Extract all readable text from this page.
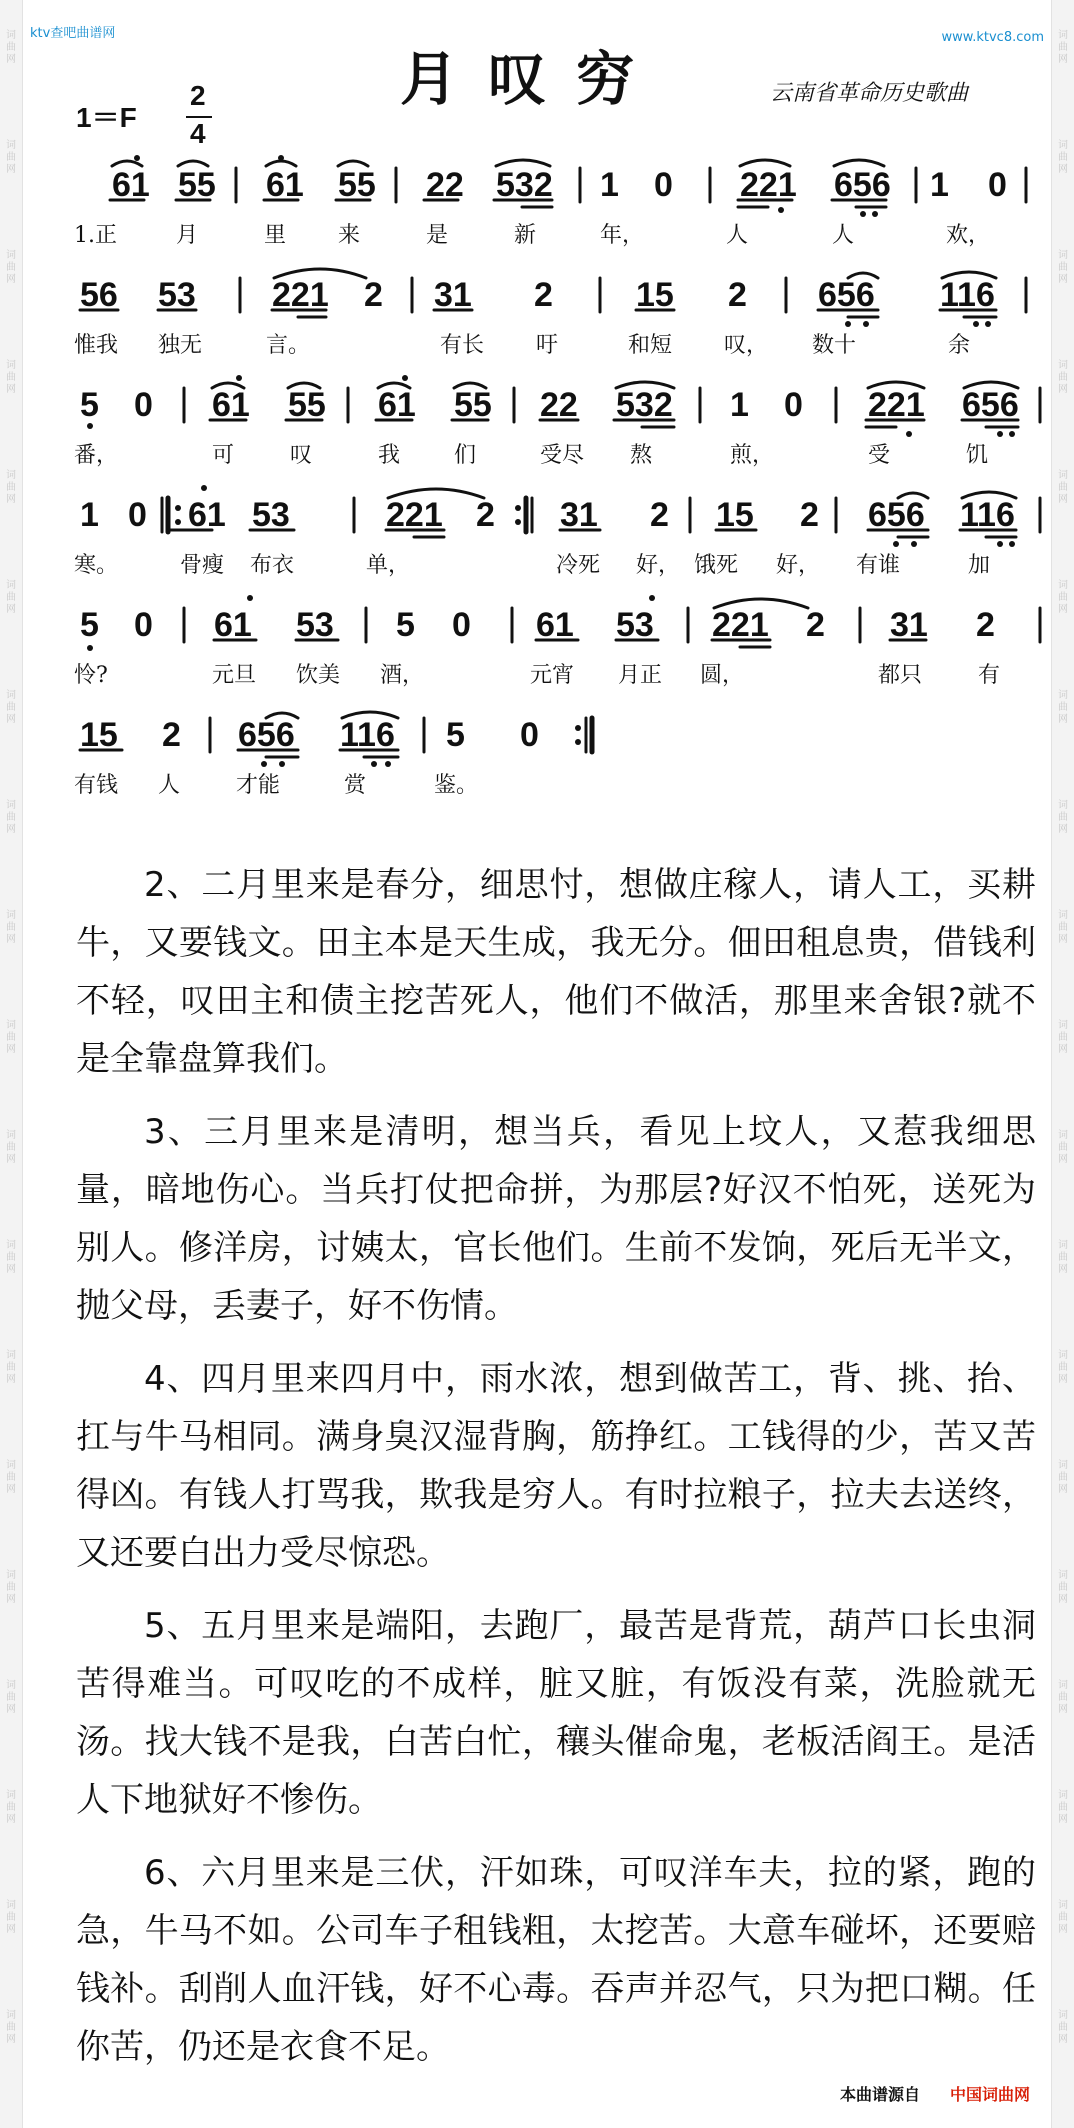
词
曲
网
词
曲
网
词
曲
网
词
曲
网
词
曲
网
词
曲
网
词
曲
网
词
曲
网
词
曲
网
词
曲
网
词
曲
网
词
曲
网
词
曲
网
词
曲
网
词
曲
网
词
曲
网
词
曲
网
词
曲
网
词
曲
网
词
曲
网
词
曲
网
词
曲
网
词
曲
网
词
曲
网
词
曲
网
词
曲
网
词
曲
网
词
曲
网
词
曲
网
词
曲
网
词
曲
网
词
曲
网
词
曲
网
词
曲
网
词
曲
网
词
曲
网
词
曲
网
词
曲
网
ktv查吧曲谱网	www.ktvc8.com
月叹穷	云南省革命历史歌曲
1＝F
2
4
61 55 61 55 22 532 1 0 221 656 1 0
56 53 221 2 31 2 15 2 656 116
5 0 61 55 61 55 22 532 1 0 221 656
1 0 61 53	221 2 31 2 15 2 656 116
5 0 61 53 5 0 61 53 221 2 31 2
15 2 656 116 5 0
1.正	月	里 来	是	新	年，	人	人	欢，
惟我 独无	言。	有长 吁	和短 叹， 数十	余
番，	可	叹	我 们	受尽 熬	煎，	受	饥
寒。	骨瘦 布衣	单，	冷死 好， 饿死 好， 有谁	加
怜?	元旦 饮美 酒，	元宵 月正 圆，	都只	有
有钱 人	才能	赏	鉴。

2、二月里来是春分，细思忖，想做庄稼人，请人工，买耕牛，又要钱文。田主本是天生成，我无分。佃田租息贵，借钱利不轻，叹田主和债主挖苦死人，他们不做活，那里来舍银?就不是全靠盘算我们。

3、三月里来是清明，想当兵，看见上坟人，又惹我细思量，暗地伤心。当兵打仗把命拼，为那层?好汉不怕死，送死为别人。修洋房，讨姨太，官长他们。生前不发饷，死后无半文，抛父母，丢妻子，好不伤情。

4、四月里来四月中，雨水浓，想到做苦工，背、挑、抬、扛与牛马相同。满身臭汉湿背胸，筋挣红。工钱得的少，苦又苦得凶。有钱人打骂我，欺我是穷人。有时拉粮子，拉夫去送终，又还要白出力受尽惊恐。

5、五月里来是端阳，去跑厂，最苦是背荒，葫芦口长虫洞苦得难当。可叹吃的不成样，脏又脏，有饭没有菜，洗脸就无汤。找大钱不是我，白苦白忙，穰头催命鬼，老板活阎王。是活人下地狱好不惨伤。

6、六月里来是三伏，汗如珠，可叹洋车夫，拉的紧，跑的急，牛马不如。公司车子租钱粗，太挖苦。大意车碰坏，还要赔钱补。刮削人血汗钱，好不心毒。吞声并忍气，只为把口糊。任你苦，仍还是衣食不足。

本曲谱源自 中国词曲网
